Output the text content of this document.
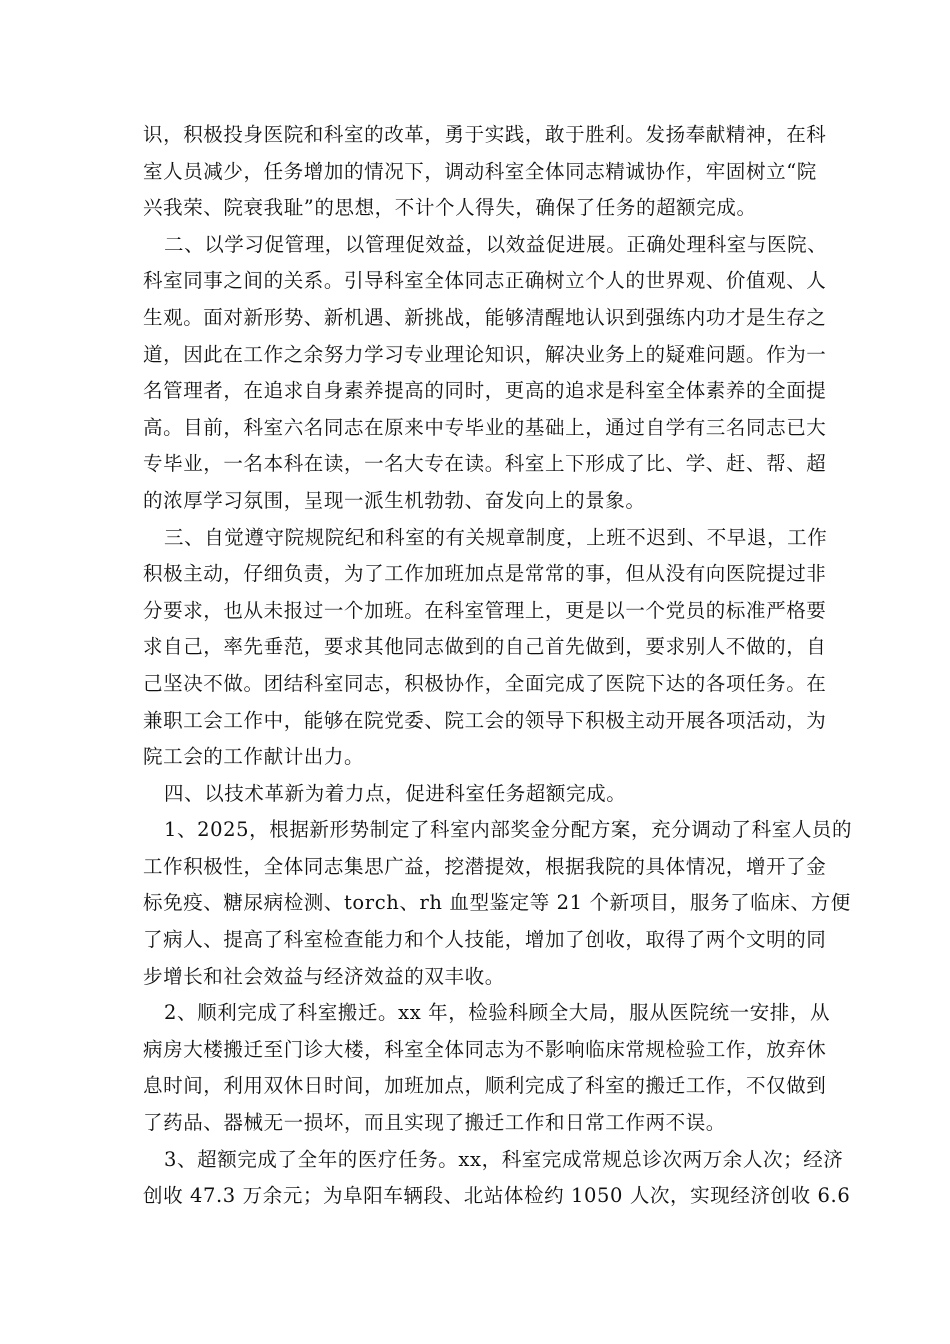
识，积极投身医院和科室的改革，勇于实践，敢于胜利。发扬奉献精神，在科
室人员减少，任务增加的情况下，调动科室全体同志精诚协作，牢固树立“院
兴我荣、院衰我耻”的思想，不计个人得失，确保了任务的超额完成。
二、以学习促管理，以管理促效益，以效益促进展。正确处理科室与医院、
科室同事之间的关系。引导科室全体同志正确树立个人的世界观、价值观、人
生观。面对新形势、新机遇、新挑战，能够清醒地认识到强练内功才是生存之
道，因此在工作之余努力学习专业理论知识，解决业务上的疑难问题。作为一
名管理者，在追求自身素养提高的同时，更高的追求是科室全体素养的全面提
高。目前，科室六名同志在原来中专毕业的基础上，通过自学有三名同志已大
专毕业，一名本科在读，一名大专在读。科室上下形成了比、学、赶、帮、超
的浓厚学习氛围，呈现一派生机勃勃、奋发向上的景象。
三、自觉遵守院规院纪和科室的有关规章制度，上班不迟到、不早退，工作
积极主动，仔细负责，为了工作加班加点是常常的事，但从没有向医院提过非
分要求，也从未报过一个加班。在科室管理上，更是以一个党员的标准严格要
求自己，率先垂范，要求其他同志做到的自己首先做到，要求别人不做的，自
己坚决不做。团结科室同志，积极协作，全面完成了医院下达的各项任务。在
兼职工会工作中，能够在院党委、院工会的领导下积极主动开展各项活动，为
院工会的工作献计出力。
四、以技术革新为着力点，促进科室任务超额完成。
1、2025，根据新形势制定了科室内部奖金分配方案，充分调动了科室人员的
工作积极性，全体同志集思广益，挖潜提效，根据我院的具体情况，增开了金
标免疫、糖尿病检测、torch、rh 血型鉴定等 21 个新项目，服务了临床、方便
了病人、提高了科室检查能力和个人技能，增加了创收，取得了两个文明的同
步增长和社会效益与经济效益的双丰收。
2、顺利完成了科室搬迁。xx 年，检验科顾全大局，服从医院统一安排，从
病房大楼搬迁至门诊大楼，科室全体同志为不影响临床常规检验工作，放弃休
息时间，利用双休日时间，加班加点，顺利完成了科室的搬迁工作，不仅做到
了药品、器械无一损坏，而且实现了搬迁工作和日常工作两不误。
3、超额完成了全年的医疗任务。xx，科室完成常规总诊次两万余人次；经济
创收 47.3 万余元；为阜阳车辆段、北站体检约 1050 人次，实现经济创收 6.6
